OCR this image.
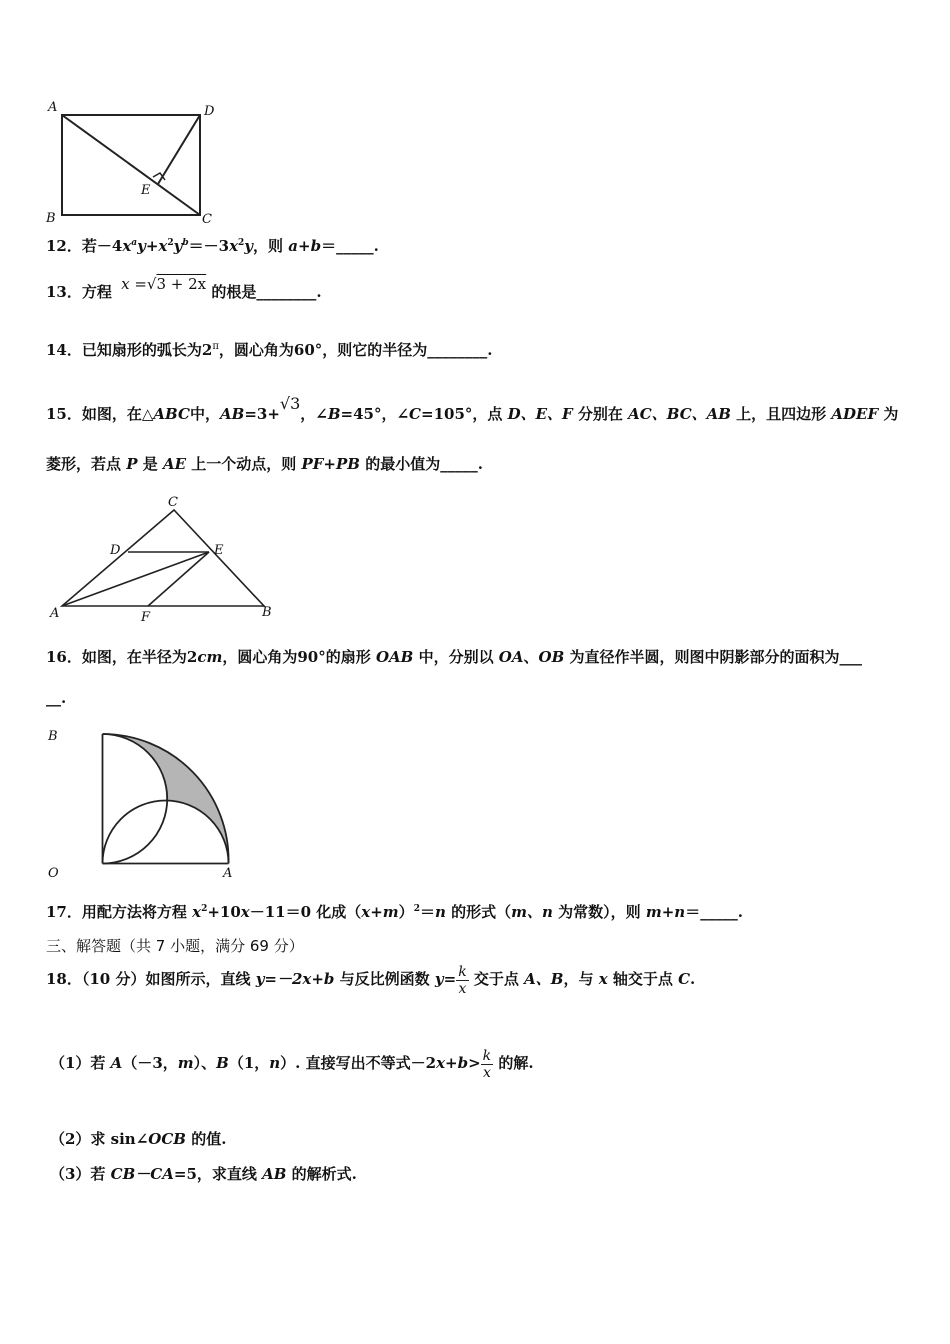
A	D
E
B	C
12．若$-4x^ay+x^2y^b=-3x^2y$，则 a+b＝_____.
13．方程 x =√3 + 2x 的根是________.
14．已知扇形的弧长为$2^\pi$，圆心角为60°，则它的半径为________.
15．如图，在△ABC中，AB=3+√3，∠B=45°，∠C=105°，点 D、E、F 分别在 AC、BC、AB 上，且四边形 ADEF 为
菱形，若点 P 是 AE 上一个动点，则 PF+PB 的最小值为_____.
C
D	E
A	F	B
16．如图，在半径为2cm，圆心角为90°的扇形 OAB 中，分别以 OA、OB 为直径作半圆，则图中阴影部分的面积为___
__.
B
O	A
17．用配方法将方程 $x^2+10x-11=0$ 化成$(x+m)^2=n$ 的形式（m、n 为常数），则 m+n＝_____.
三、解答题（共 7 小题，满分 69 分）
18．（10 分）如图所示，直线 y=－2x+b 与反比例函数 $y= \frac{k}{x}$ 交于点 A、B，与 x 轴交于点 C.
（1）若 A（－3，m）、B（1，n）. 直接写出不等式$-2x+b> \frac{k}{x}$ 的解.
（2）求 sin∠OCB 的值.
（3）若 CB－CA=5，求直线 AB 的解析式.
